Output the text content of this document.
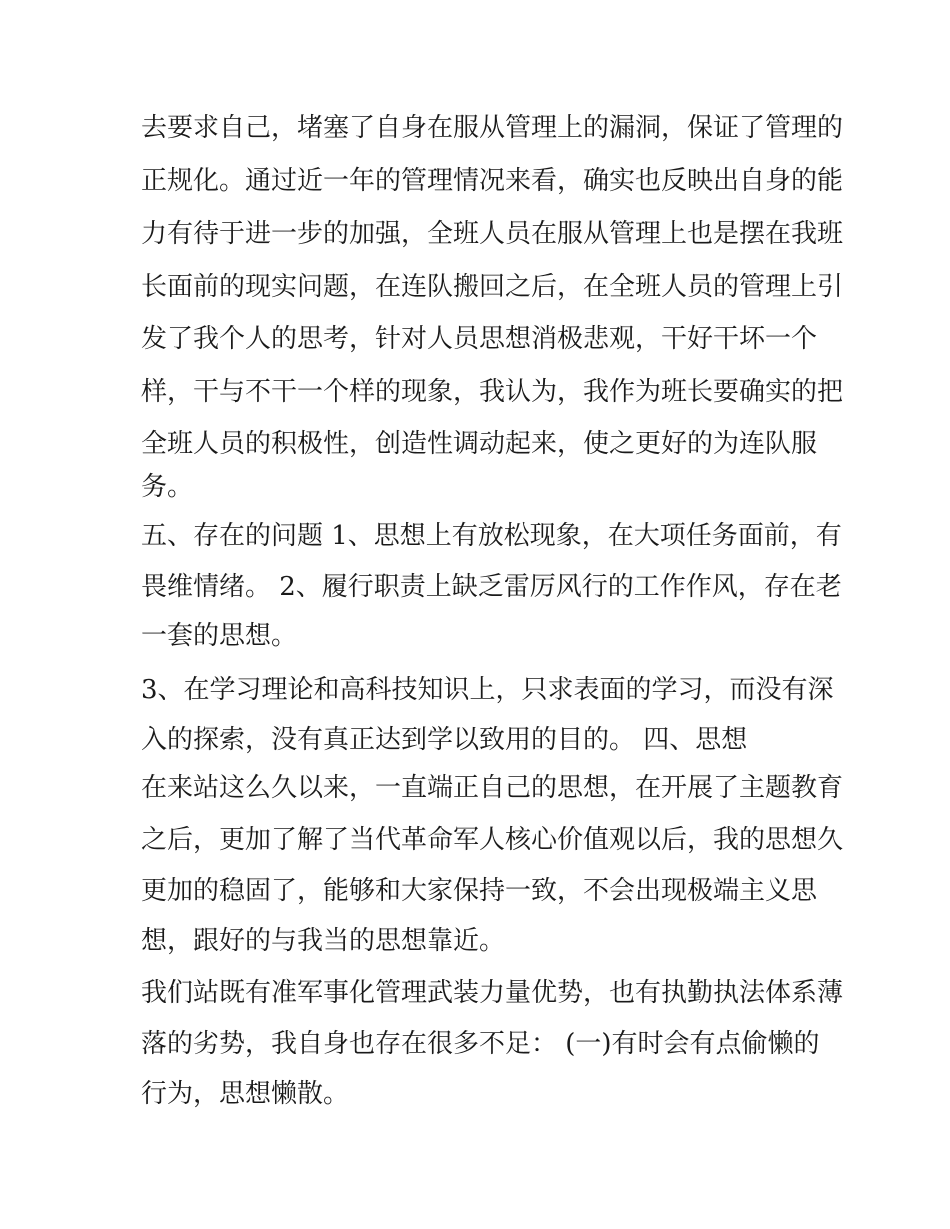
去要求自己，堵塞了自身在服从管理上的漏洞，保证了管理的
正规化。通过近一年的管理情况来看，确实也反映出自身的能
力有待于进一步的加强，全班人员在服从管理上也是摆在我班
长面前的现实问题，在连队搬回之后，在全班人员的管理上引
发了我个人的思考，针对人员思想消极悲观，干好干坏一个
样，干与不干一个样的现象，我认为，我作为班长要确实的把
全班人员的积极性，创造性调动起来，使之更好的为连队服
务。
五、存在的问题 1、思想上有放松现象，在大项任务面前，有
畏维情绪。 2、履行职责上缺乏雷厉风行的工作作风，存在老
一套的思想。
3、在学习理论和高科技知识上，只求表面的学习，而没有深
入的探索，没有真正达到学以致用的目的。 四、思想
在来站这么久以来，一直端正自己的思想，在开展了主题教育
之后，更加了解了当代革命军人核心价值观以后，我的思想久
更加的稳固了，能够和大家保持一致，不会出现极端主义思
想，跟好的与我当的思想靠近。
我们站既有准军事化管理武装力量优势，也有执勤执法体系薄
落的劣势，我自身也存在很多不足： (一)有时会有点偷懒的
行为，思想懒散。
